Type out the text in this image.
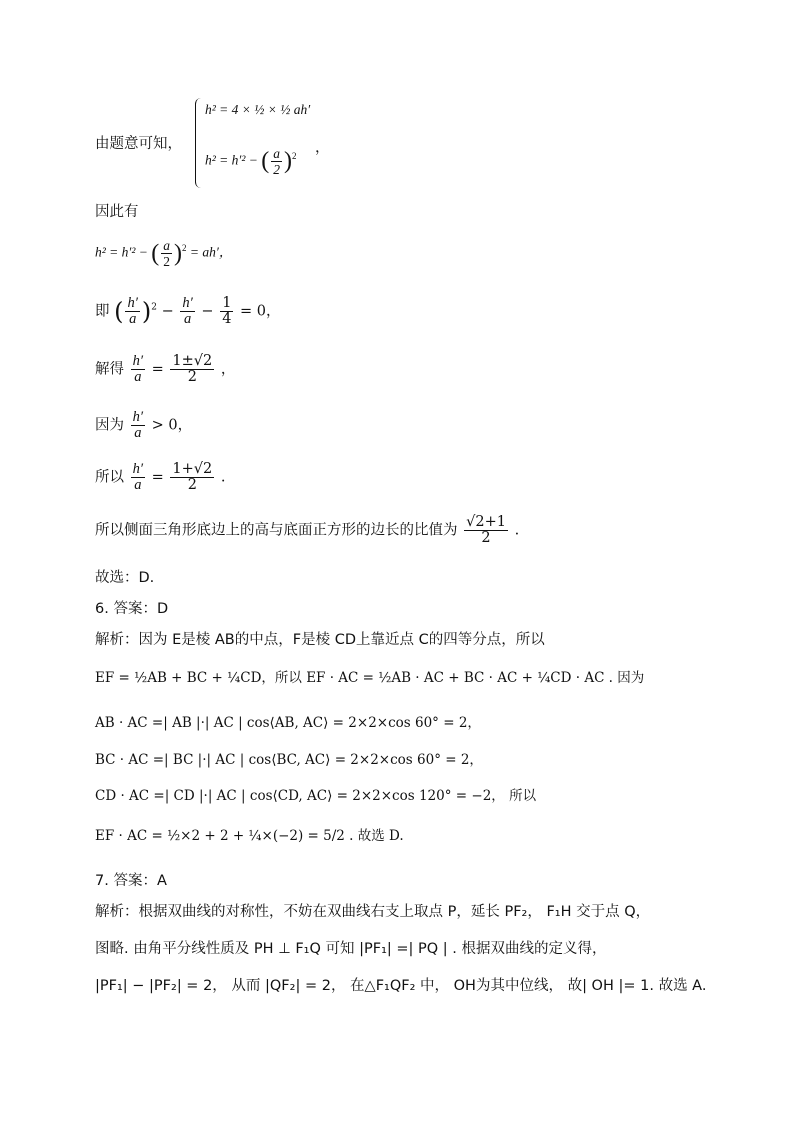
由题意可知，
h² = 4 × ½ × ½ ah′
h² = h′² − ( $\frac{a}{2} )^2$
，
因此有
h² = h′² − ( $\frac{a}{2} )^2 = ah'$，
即 ( $\frac{h'}{a} )^2 - \frac{h'}{a} - \frac{1}{4} = 0$，
解得 $\frac{h'}{a} = \frac{1\pm√2}{2}$ ，
因为 $\frac{h'}{a} > 0$，
所以 $\frac{h'}{a} = \frac{1+√2}{2}$ .
所以侧面三角形底边上的高与底面正方形的边长的比值为 $\frac{√2+1}{2}$ .
故选：D.
6. 答案：D
解析：因为 E是棱 AB的中点，F是棱 CD上靠近点 C的四等分点，所以
EF = ½AB + BC + ¼CD，所以 EF · AC = ½AB · AC + BC · AC + ¼CD · AC . 因为
AB · AC =| AB |·| AC | cos⟨AB, AC⟩ = 2×2×cos 60° = 2，
BC · AC =| BC |·| AC | cos⟨BC, AC⟩ = 2×2×cos 60° = 2，
CD · AC =| CD |·| AC | cos⟨CD, AC⟩ = 2×2×cos 120° = −2， 所以
EF · AC = ½×2 + 2 + ¼×(−2) = 5/2 . 故选 D.
7. 答案：A
解析：根据双曲线的对称性，不妨在双曲线右支上取点 P，延长 PF₂， F₁H 交于点 Q，
图略. 由角平分线性质及 PH ⊥ F₁Q 可知 |PF₁| =| PQ | . 根据双曲线的定义得，
|PF₁| − |PF₂| = 2， 从而 |QF₂| = 2， 在△F₁QF₂ 中， OH为其中位线， 故| OH |= 1. 故选 A.
